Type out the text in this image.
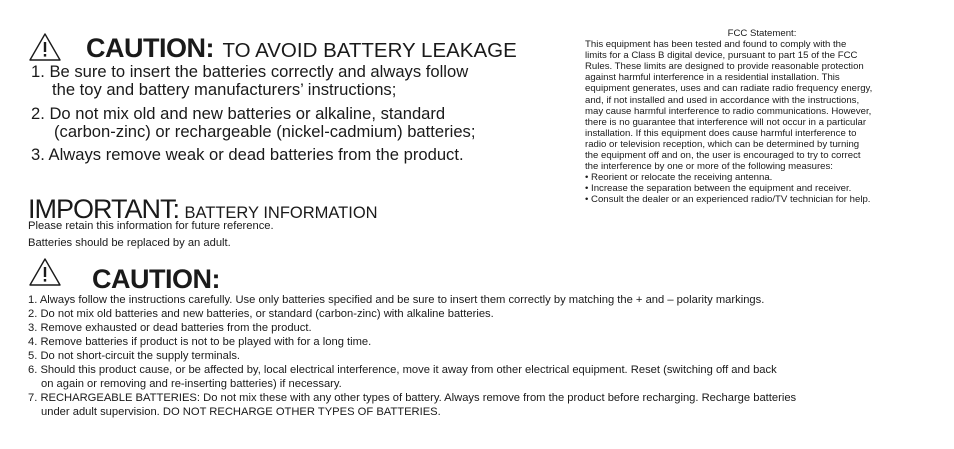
CAUTION: TO AVOID BATTERY LEAKAGE
1. Be sure to insert the batteries correctly and always follow
the toy and battery manufacturers’ instructions;
2. Do not mix old and new batteries or alkaline, standard
(carbon-zinc) or rechargeable (nickel-cadmium) batteries;
3. Always remove weak or dead batteries from the product.
IMPORTANT: BATTERY INFORMATION
Please retain this information for future reference.
Batteries should be replaced by an adult.
FCC Statement:
This equipment has been tested and found to comply with the
limits for a Class B digital device, pursuant to part 15 of the FCC
Rules. These limits are designed to provide reasonable protection
against harmful interference in a residential installation. This
equipment generates, uses and can radiate radio frequency energy,
and, if not installed and used in accordance with the instructions,
may cause harmful interference to radio communications. However,
there is no guarantee that interference will not occur in a particular
installation. If this equipment does cause harmful interference to
radio or television reception, which can be determined by turning
the equipment off and on, the user is encouraged to try to correct
the interference by one or more of the following measures:
• Reorient or relocate the receiving antenna.
• Increase the separation between the equipment and receiver.
• Consult the dealer or an experienced radio/TV technician for help.
CAUTION:
1. Always follow the instructions carefully. Use only batteries specified and be sure to insert them correctly by matching the + and – polarity markings.
2. Do not mix old batteries and new batteries, or standard (carbon-zinc) with alkaline batteries.
3. Remove exhausted or dead batteries from the product.
4. Remove batteries if product is not to be played with for a long time.
5. Do not short-circuit the supply terminals.
6. Should this product cause, or be affected by, local electrical interference, move it away from other electrical equipment. Reset (switching off and back
on again or removing and re-inserting batteries) if necessary.
7. RECHARGEABLE BATTERIES: Do not mix these with any other types of battery. Always remove from the product before recharging. Recharge batteries
under adult supervision. DO NOT RECHARGE OTHER TYPES OF BATTERIES.
